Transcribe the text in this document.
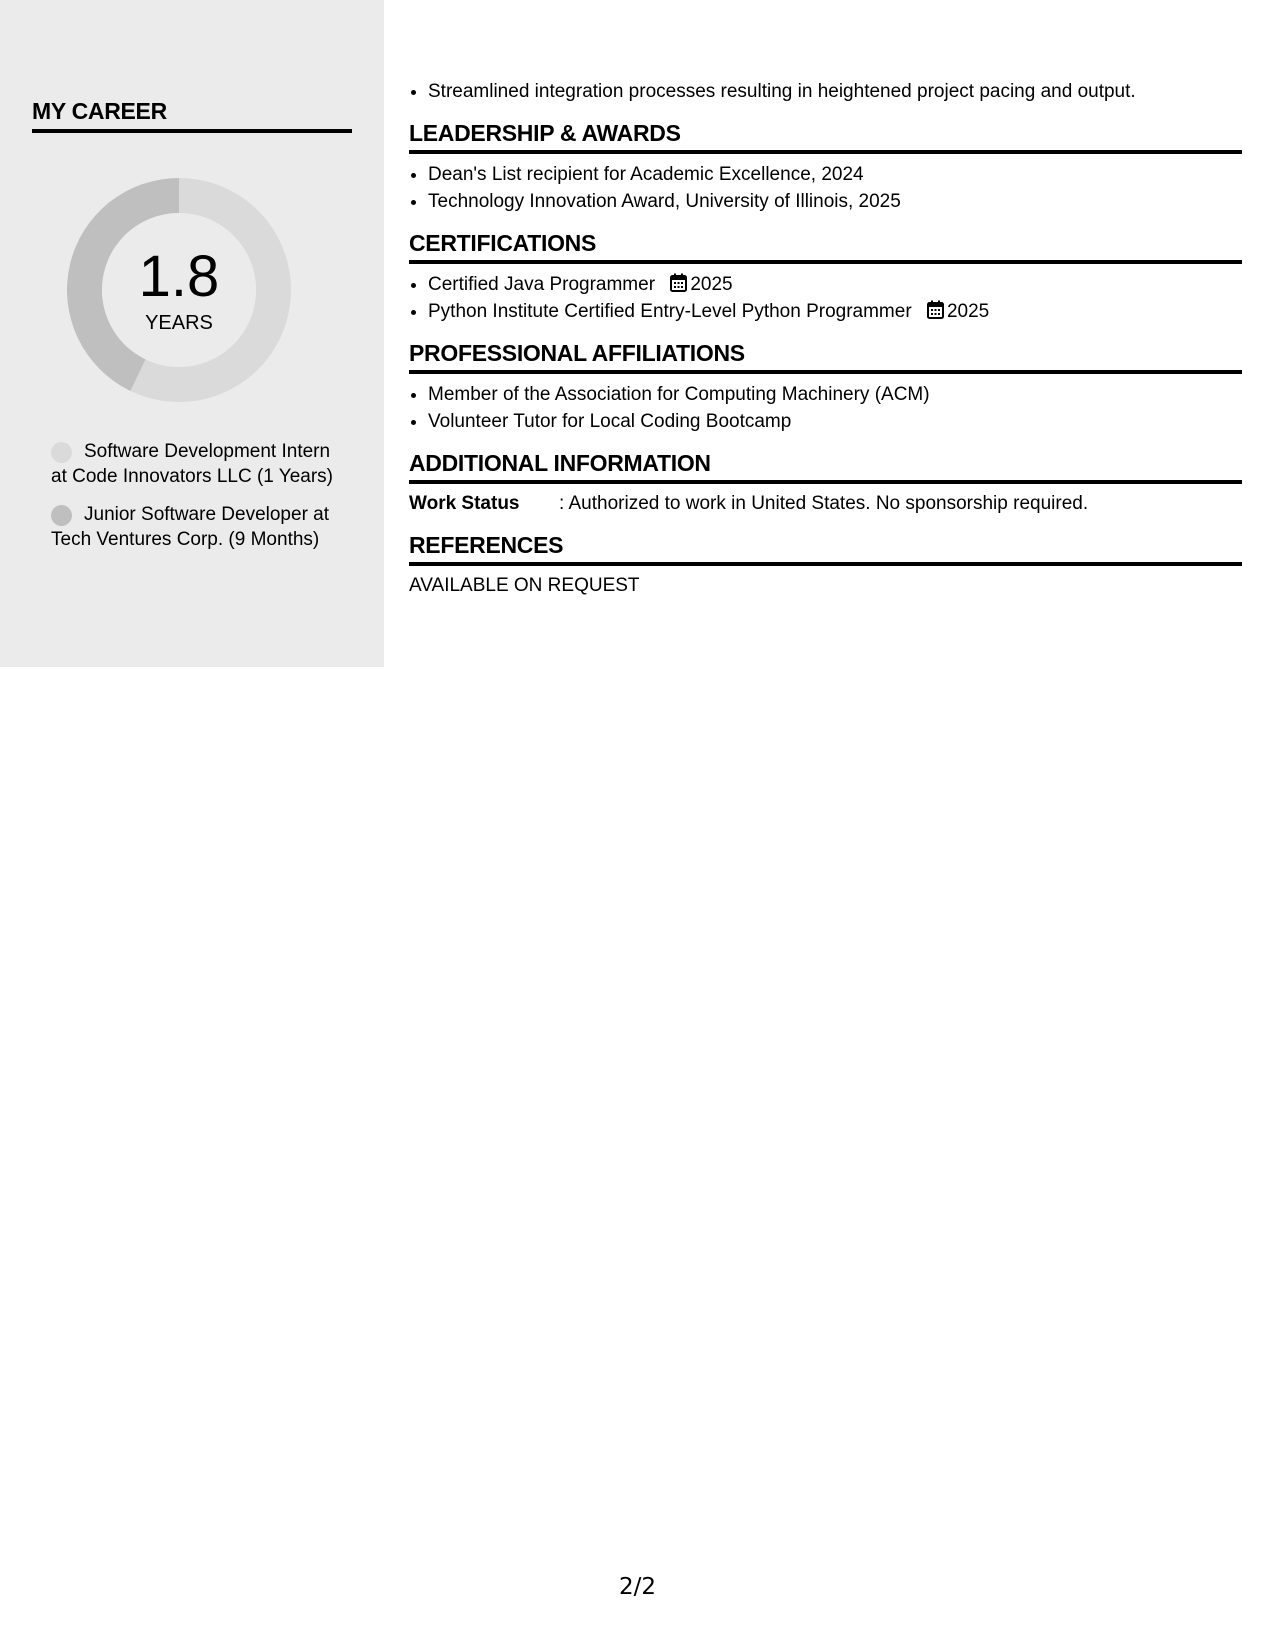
MY CAREER
1.8
YEARS
Software Development Intern at Code Innovators LLC (1 Years)
Junior Software Developer at Tech Ventures Corp. (9 Months)
• Streamlined integration processes resulting in heightened project pacing and output.
LEADERSHIP & AWARDS
• Dean's List recipient for Academic Excellence, 2024
• Technology Innovation Award, University of Illinois, 2025
CERTIFICATIONS
• Certified Java Programmer 2025
• Python Institute Certified Entry-Level Python Programmer 2025
PROFESSIONAL AFFILIATIONS
• Member of the Association for Computing Machinery (ACM)
• Volunteer Tutor for Local Coding Bootcamp
ADDITIONAL INFORMATION
Work Status	: Authorized to work in United States. No sponsorship required.
REFERENCES
AVAILABLE ON REQUEST
2/2
